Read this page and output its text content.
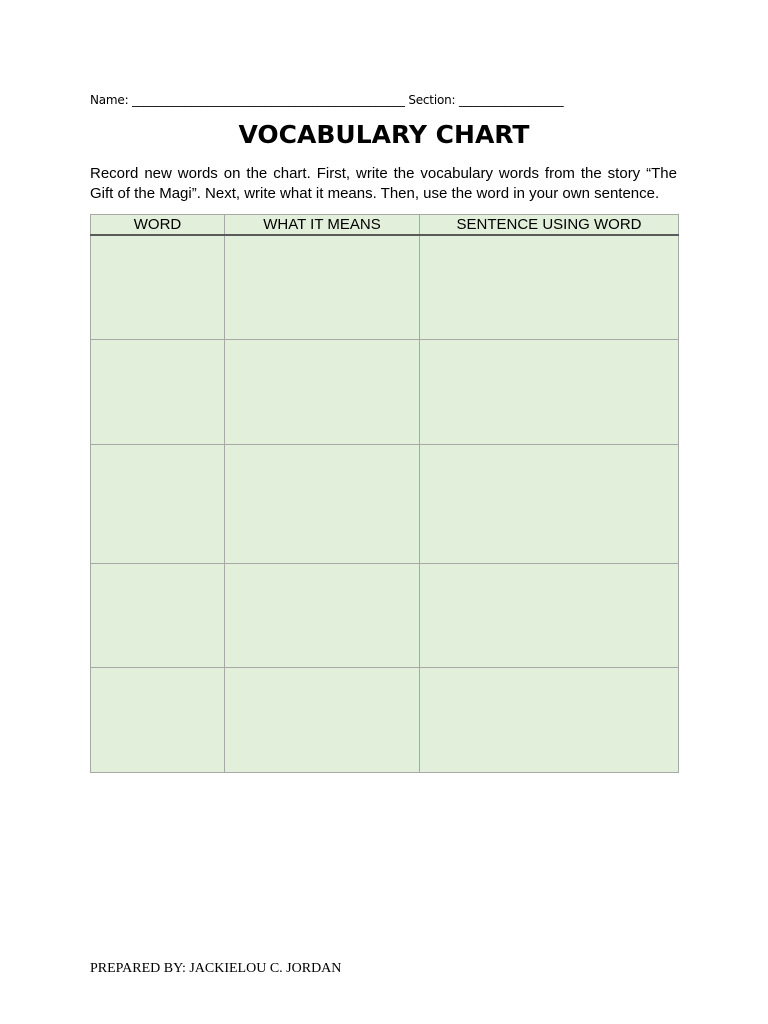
Name: _______________________________________________ Section: __________________
VOCABULARY CHART
Record new words on the chart. First, write the vocabulary words from the story “The Gift of the Magi”. Next, write what it means. Then, use the word in your own sentence.
WORD	WHAT IT MEANS	SENTENCE USING WORD

PREPARED BY: JACKIELOU C. JORDAN
